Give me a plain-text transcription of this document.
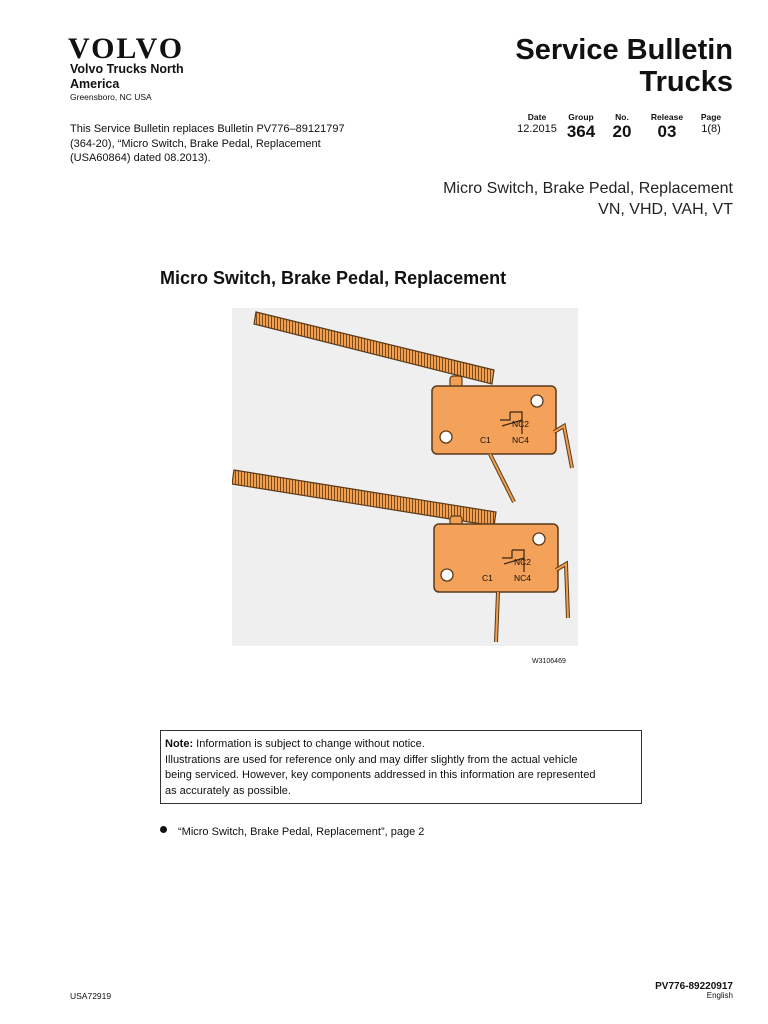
VOLVO
Volvo Trucks North America
Greensboro, NC USA
Service Bulletin
Trucks
This Service Bulletin replaces Bulletin PV776–89121797 (364-20), “Micro Switch, Brake Pedal, Replacement (USA60864) dated 08.2013).
Date
12.2015
Group
364
No.
20
Release
03
Page
1(8)
Micro Switch, Brake Pedal, Replacement
VN, VHD, VAH, VT
Micro Switch, Brake Pedal, Replacement
NC2
C1 NC4
NC2
C1 NC4
W3106469
Note: Information is subject to change without notice.
Illustrations are used for reference only and may differ slightly from the actual vehicle
being serviced. However, key components addressed in this information are represented
as accurately as possible.
“Micro Switch, Brake Pedal, Replacement”, page 2
USA72919
PV776-89220917
English
